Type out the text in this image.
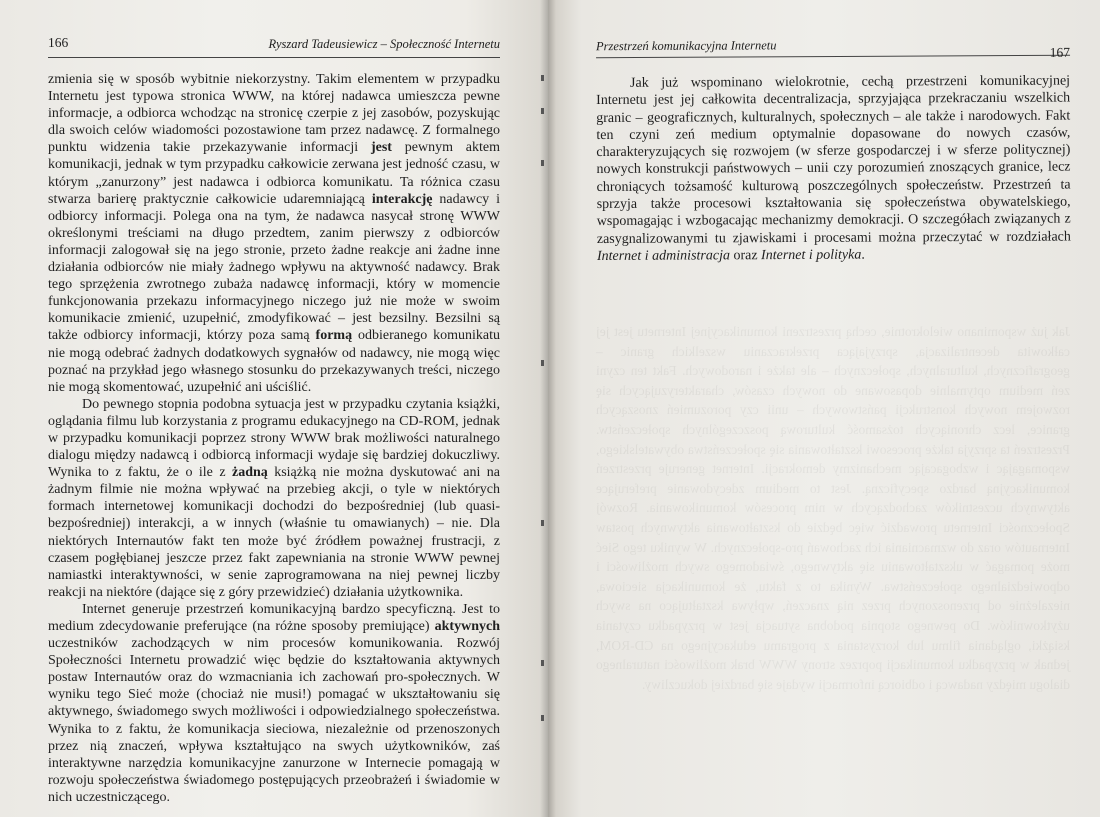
166	Ryszard Tadeusiewicz – Społeczność Internetu

zmienia się w sposób wybitnie niekorzystny. Takim elementem w przypadku Internetu jest typowa stronica WWW, na której nadawca umieszcza pewne informacje, a odbiorca wchodząc na stronicę czerpie z jej zasobów, pozyskując dla swoich celów wiadomości pozostawione tam przez nadawcę. Z formalnego punktu widzenia takie przekazywanie informacji jest pewnym aktem komunikacji, jednak w tym przypadku całkowicie zerwana jest jedność czasu, w którym „zanurzony” jest nadawca i odbiorca komunikatu. Ta różnica czasu stwarza barierę praktycznie całkowicie udaremniającą interakcję nadawcy i odbiorcy informacji. Polega ona na tym, że nadawca nasycał stronę WWW określonymi treściami na długo przedtem, zanim pierwszy z odbiorców informacji zalogował się na jego stronie, przeto żadne reakcje ani żadne inne działania odbiorców nie miały żadnego wpływu na aktywność nadawcy. Brak tego sprzężenia zwrotnego zubaża nadawcę informacji, który w momencie funkcjonowania przekazu informacyjnego niczego już nie może w swoim komunikacie zmienić, uzupełnić, zmodyfikować – jest bezsilny. Bezsilni są także odbiorcy informacji, którzy poza samą formą odbieranego komunikatu nie mogą odebrać żadnych dodatkowych sygnałów od nadawcy, nie mogą więc poznać na przykład jego własnego stosunku do przekazywanych treści, niczego nie mogą skomentować, uzupełnić ani uściślić.

Do pewnego stopnia podobna sytuacja jest w przypadku czytania książki, oglądania filmu lub korzystania z programu edukacyjnego na CD-ROM, jednak w przypadku komunikacji poprzez strony WWW brak możliwości naturalnego dialogu między nadawcą i odbiorcą informacji wydaje się bardziej dokuczliwy. Wynika to z faktu, że o ile z żadną książką nie można dyskutować ani na żadnym filmie nie można wpływać na przebieg akcji, o tyle w niektórych formach internetowej komunikacji dochodzi do bezpośredniej (lub quasi-bezpośredniej) interakcji, a w innych (właśnie tu omawianych) – nie. Dla niektórych Internautów fakt ten może być źródłem poważnej frustracji, z czasem pogłębianej jeszcze przez fakt zapewniania na stronie WWW pewnej namiastki interaktywności, w senie zaprogramowana na niej pewnej liczby reakcji na niektóre (dające się z góry przewidzieć) działania użytkownika.

Internet generuje przestrzeń komunikacyjną bardzo specyficzną. Jest to medium zdecydowanie preferujące (na różne sposoby premiujące) aktywnych uczestników zachodzących w nim procesów komunikowania. Rozwój Społeczności Internetu prowadzić więc będzie do kształtowania aktywnych postaw Internautów oraz do wzmacniania ich zachowań pro-społecznych. W wyniku tego Sieć może (chociaż nie musi!) pomagać w ukształtowaniu się aktywnego, świadomego swych możliwości i odpowiedzialnego społeczeństwa. Wynika to z faktu, że komunikacja sieciowa, niezależnie od przenoszonych przez nią znaczeń, wpływa kształtująco na swych użytkowników, zaś interaktywne narzędzia komunikacyjne zanurzone w Internecie pomagają w rozwoju społeczeństwa świadomego postępujących przeobrażeń i świadomie w nich uczestniczącego.

Jak już wspominano wielokrotnie, cechą przestrzeni komunikacyjnej Internetu jest jej całkowita decentralizacja, sprzyjająca przekraczaniu wszelkich granic – geograficznych, kulturalnych, społecznych – ale także i narodowych. Fakt ten czyni zeń medium optymalnie dopasowane do nowych czasów, charakteryzujących się rozwojem nowych konstrukcji państwowych – unii czy porozumień znoszących granice, lecz chroniących tożsamość kulturową poszczególnych społeczeństw. Przestrzeń ta sprzyja także procesowi kształtowania się społeczeństwa obywatelskiego, wspomagając i wzbogacając mechanizmy demokracji. Internet generuje przestrzeń komunikacyjną bardzo specyficzną. Jest to medium zdecydowanie preferujące aktywnych uczestników zachodzących w nim procesów komunikowania. Rozwój Społeczności Internetu prowadzić więc będzie do kształtowania aktywnych postaw Internautów oraz do wzmacniania ich zachowań pro-społecznych. W wyniku tego Sieć może pomagać w ukształtowaniu się aktywnego, świadomego swych możliwości i odpowiedzialnego społeczeństwa. Wynika to z faktu, że komunikacja sieciowa, niezależnie od przenoszonych przez nią znaczeń, wpływa kształtująco na swych użytkowników. Do pewnego stopnia podobna sytuacja jest w przypadku czytania książki, oglądania filmu lub korzystania z programu edukacyjnego na CD-ROM, jednak w przypadku komunikacji poprzez strony WWW brak możliwości naturalnego dialogu między nadawcą i odbiorcą informacji wydaje się bardziej dokuczliwy.
Przestrzeń komunikacyjna Internetu	167

Jak już wspominano wielokrotnie, cechą przestrzeni komunikacyjnej Internetu jest jej całkowita decentralizacja, sprzyjająca przekraczaniu wszelkich granic – geograficznych, kulturalnych, społecznych – ale także i narodowych. Fakt ten czyni zeń medium optymalnie dopasowane do nowych czasów, charakteryzujących się rozwojem (w sferze gospodarczej i w sferze politycznej) nowych konstrukcji państwowych – unii czy porozumień znoszących granice, lecz chroniących tożsamość kulturową poszczególnych społeczeństw. Przestrzeń ta sprzyja także procesowi kształtowania się społeczeństwa obywatelskiego, wspomagając i wzbogacając mechanizmy demokracji. O szczegółach związanych z zasygnalizowanymi tu zjawiskami i procesami można przeczytać w rozdziałach Internet i administracja oraz Internet i polityka.
